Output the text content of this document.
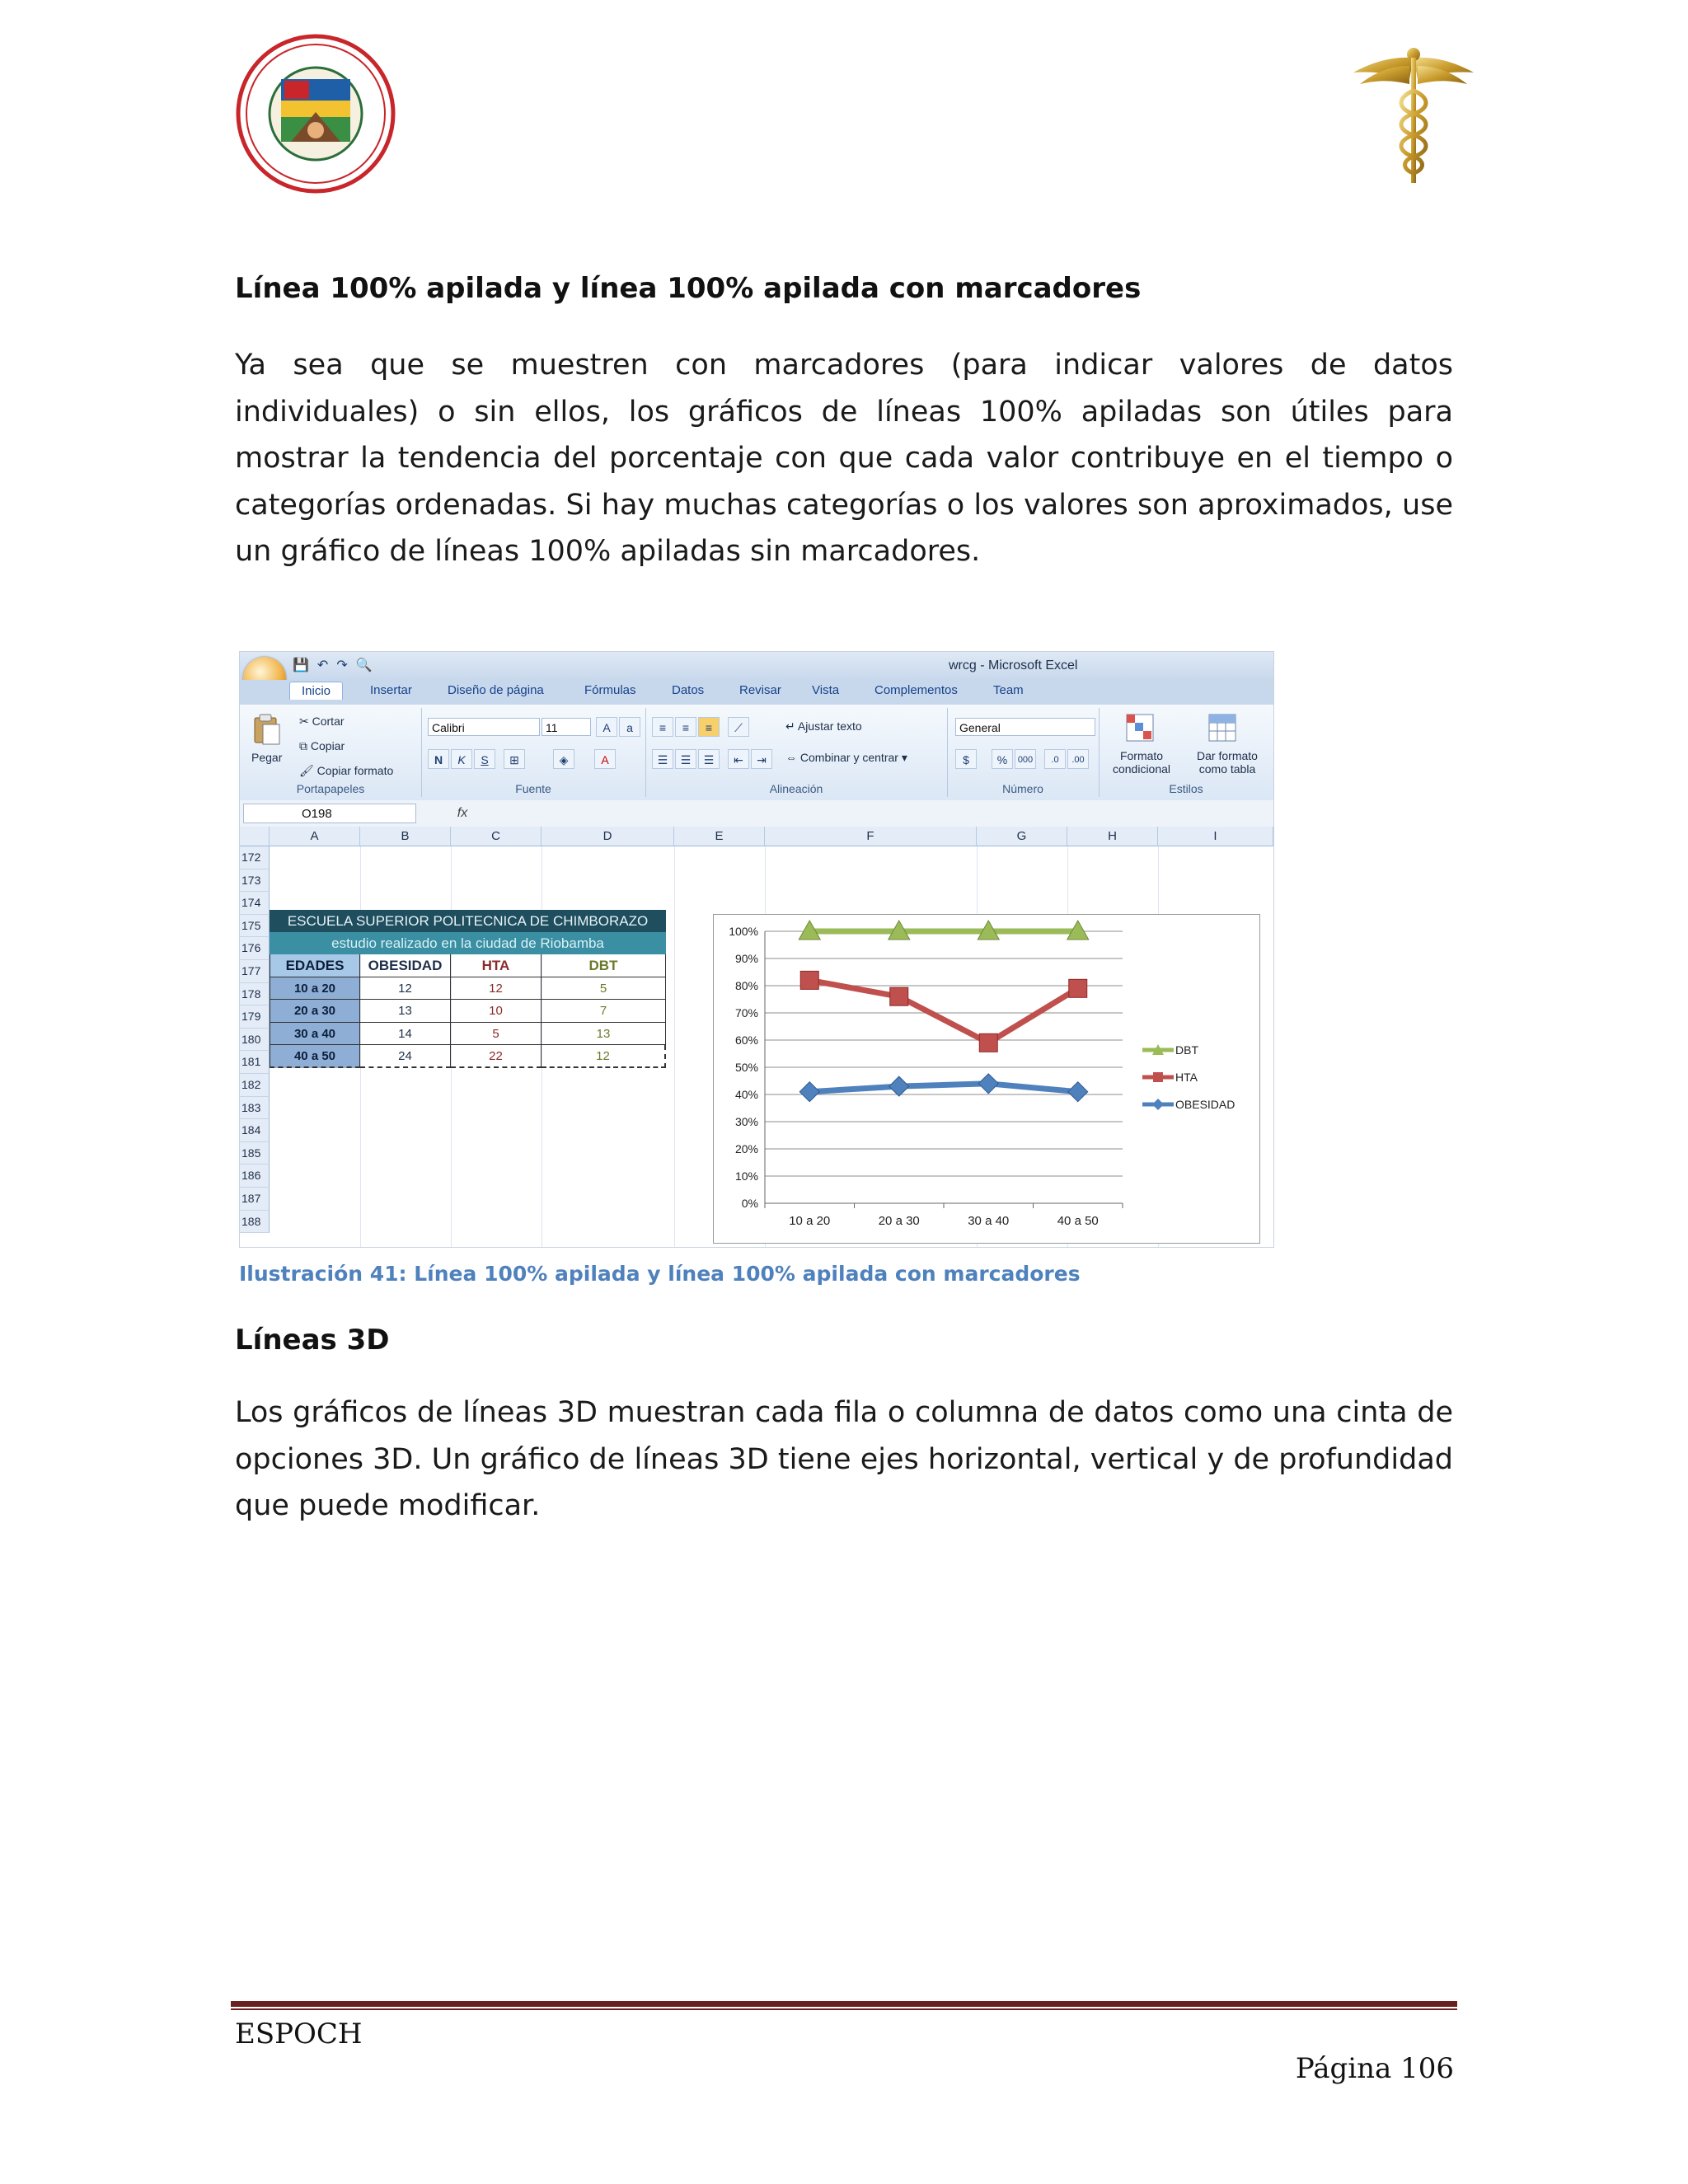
Línea 100% apilada y línea 100% apilada con marcadores
Ya sea que se muestren con marcadores (para indicar valores de datos individuales) o sin ellos, los gráficos de líneas 100% apiladas son útiles para mostrar la tendencia del porcentaje con que cada valor contribuye en el tiempo o categorías ordenadas. Si hay muchas categorías o los valores son aproximados, use un gráfico de líneas 100% apiladas sin marcadores.
💾 ↶ ↷ 🔍	wrcg - Microsoft Excel
Inicio	Insertar	Diseño de página	Fórmulas	Datos	Revisar Vista	Complementos	Team
Pegar
✂ Cortar
⧉ Copiar
🖌 Copiar formato
Portapapeles
Calibri	11	A	a
N	K	S	⊞	◈	A
Fuente
≡	≡	≡	⟋
☰	☰	☰	⇤	⇥
↵ Ajustar texto
⇔ Combinar y centrar ▾
Alineación
General
$	%	000	.0	.00
Número
Formato condicional
Dar formato como tabla
Estilos
O198	fx
A	B	C	D	E	F	G	H	I
172
173
174
175
176
177
178
179
180
181
182
183
184
185
186
187
188
ESCUELA SUPERIOR POLITECNICA DE CHIMBORAZO
estudio realizado en la ciudad de Riobamba
EDADES	OBESIDAD	HTA	DBT
10 a 20	12	12	5
20 a 30	13	10	7
30 a 40	14	5	13
40 a 50	24	22	12
0%
10%
20%
30%
40%
50%
60%
70%
80%
90%
100%
10 a 20	20 a 30	30 a 40	40 a 50
DBT
HTA
OBESIDAD
Ilustración 41: Línea 100% apilada y línea 100% apilada con marcadores
Líneas 3D
Los gráficos de líneas 3D muestran cada fila o columna de datos como una cinta de opciones 3D. Un gráfico de líneas 3D tiene ejes horizontal, vertical y de profundidad que puede modificar.
ESPOCH
Página 106
